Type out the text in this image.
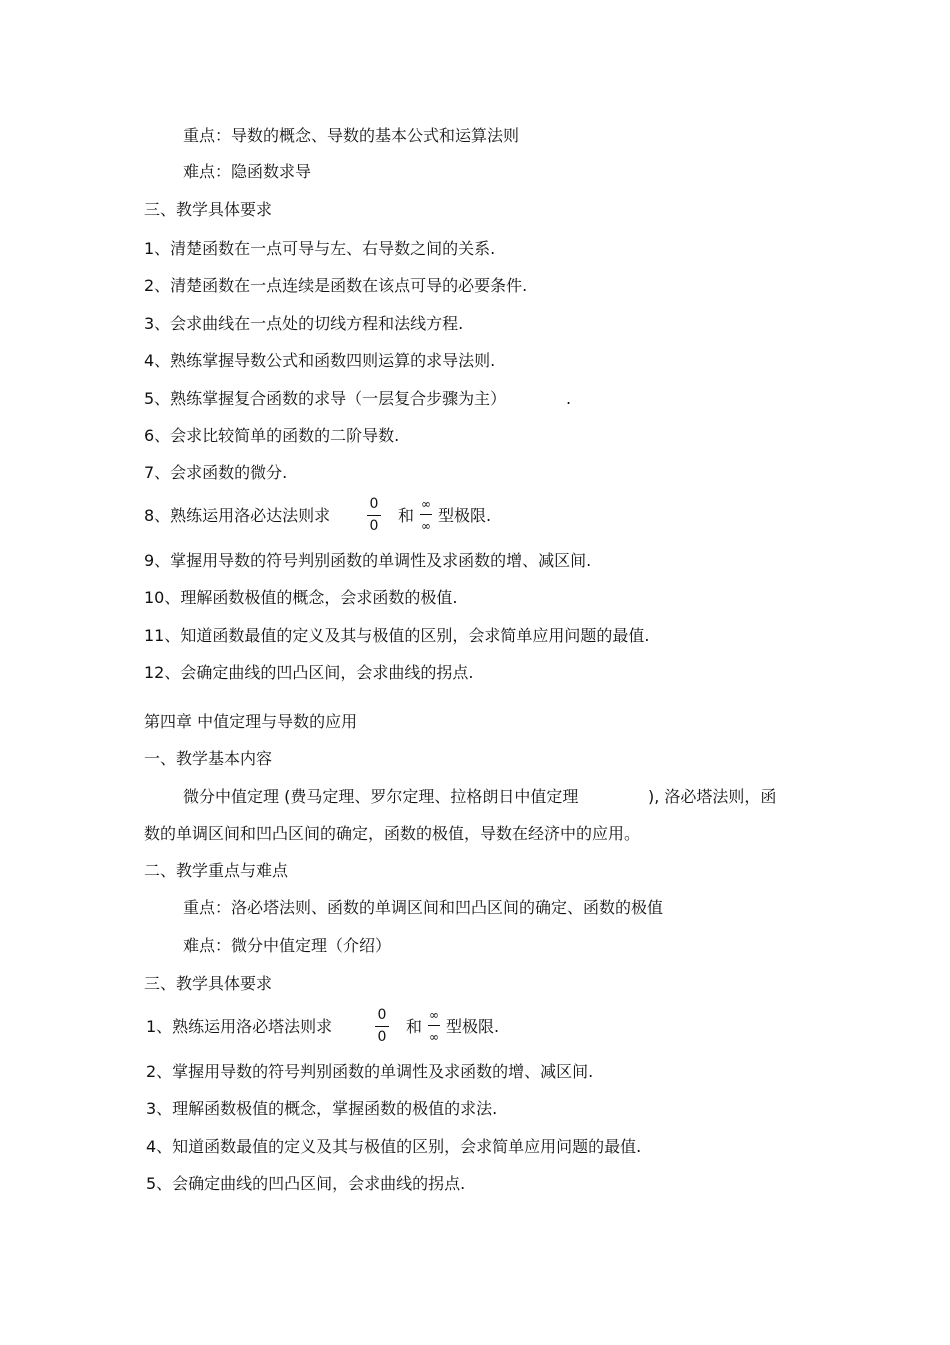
重点：导数的概念、导数的基本公式和运算法则
难点：隐函数求导
三、教学具体要求
1、清楚函数在一点可导与左、右导数之间的关系.
2、清楚函数在一点连续是函数在该点可导的必要条件.
3、会求曲线在一点处的切线方程和法线方程.
4、熟练掌握导数公式和函数四则运算的求导法则.
5、熟练掌握复合函数的求导（一层复合步骤为主）	.
6、会求比较简单的函数的二阶导数.
7、会求函数的微分.
8、熟练运用洛必达法则求
0
0
和
∞
∞
型极限.
9、掌握用导数的符号判别函数的单调性及求函数的增、减区间.
10、理解函数极值的概念，会求函数的极值.
11、知道函数最值的定义及其与极值的区别，会求简单应用问题的最值.
12、会确定曲线的凹凸区间，会求曲线的拐点.
第四章 中值定理与导数的应用
一、教学基本内容
微分中值定理 (费马定理、罗尔定理、拉格朗日中值定理	), 洛必塔法则，函
数的单调区间和凹凸区间的确定，函数的极值，导数在经济中的应用。
二、教学重点与难点
重点：洛必塔法则、函数的单调区间和凹凸区间的确定、函数的极值
难点：微分中值定理（介绍）
三、教学具体要求
1、熟练运用洛必塔法则求
0
0
和
∞
∞
型极限.
2、掌握用导数的符号判别函数的单调性及求函数的增、减区间.
3、理解函数极值的概念，掌握函数的极值的求法.
4、知道函数最值的定义及其与极值的区别，会求简单应用问题的最值.
5、会确定曲线的凹凸区间，会求曲线的拐点.
